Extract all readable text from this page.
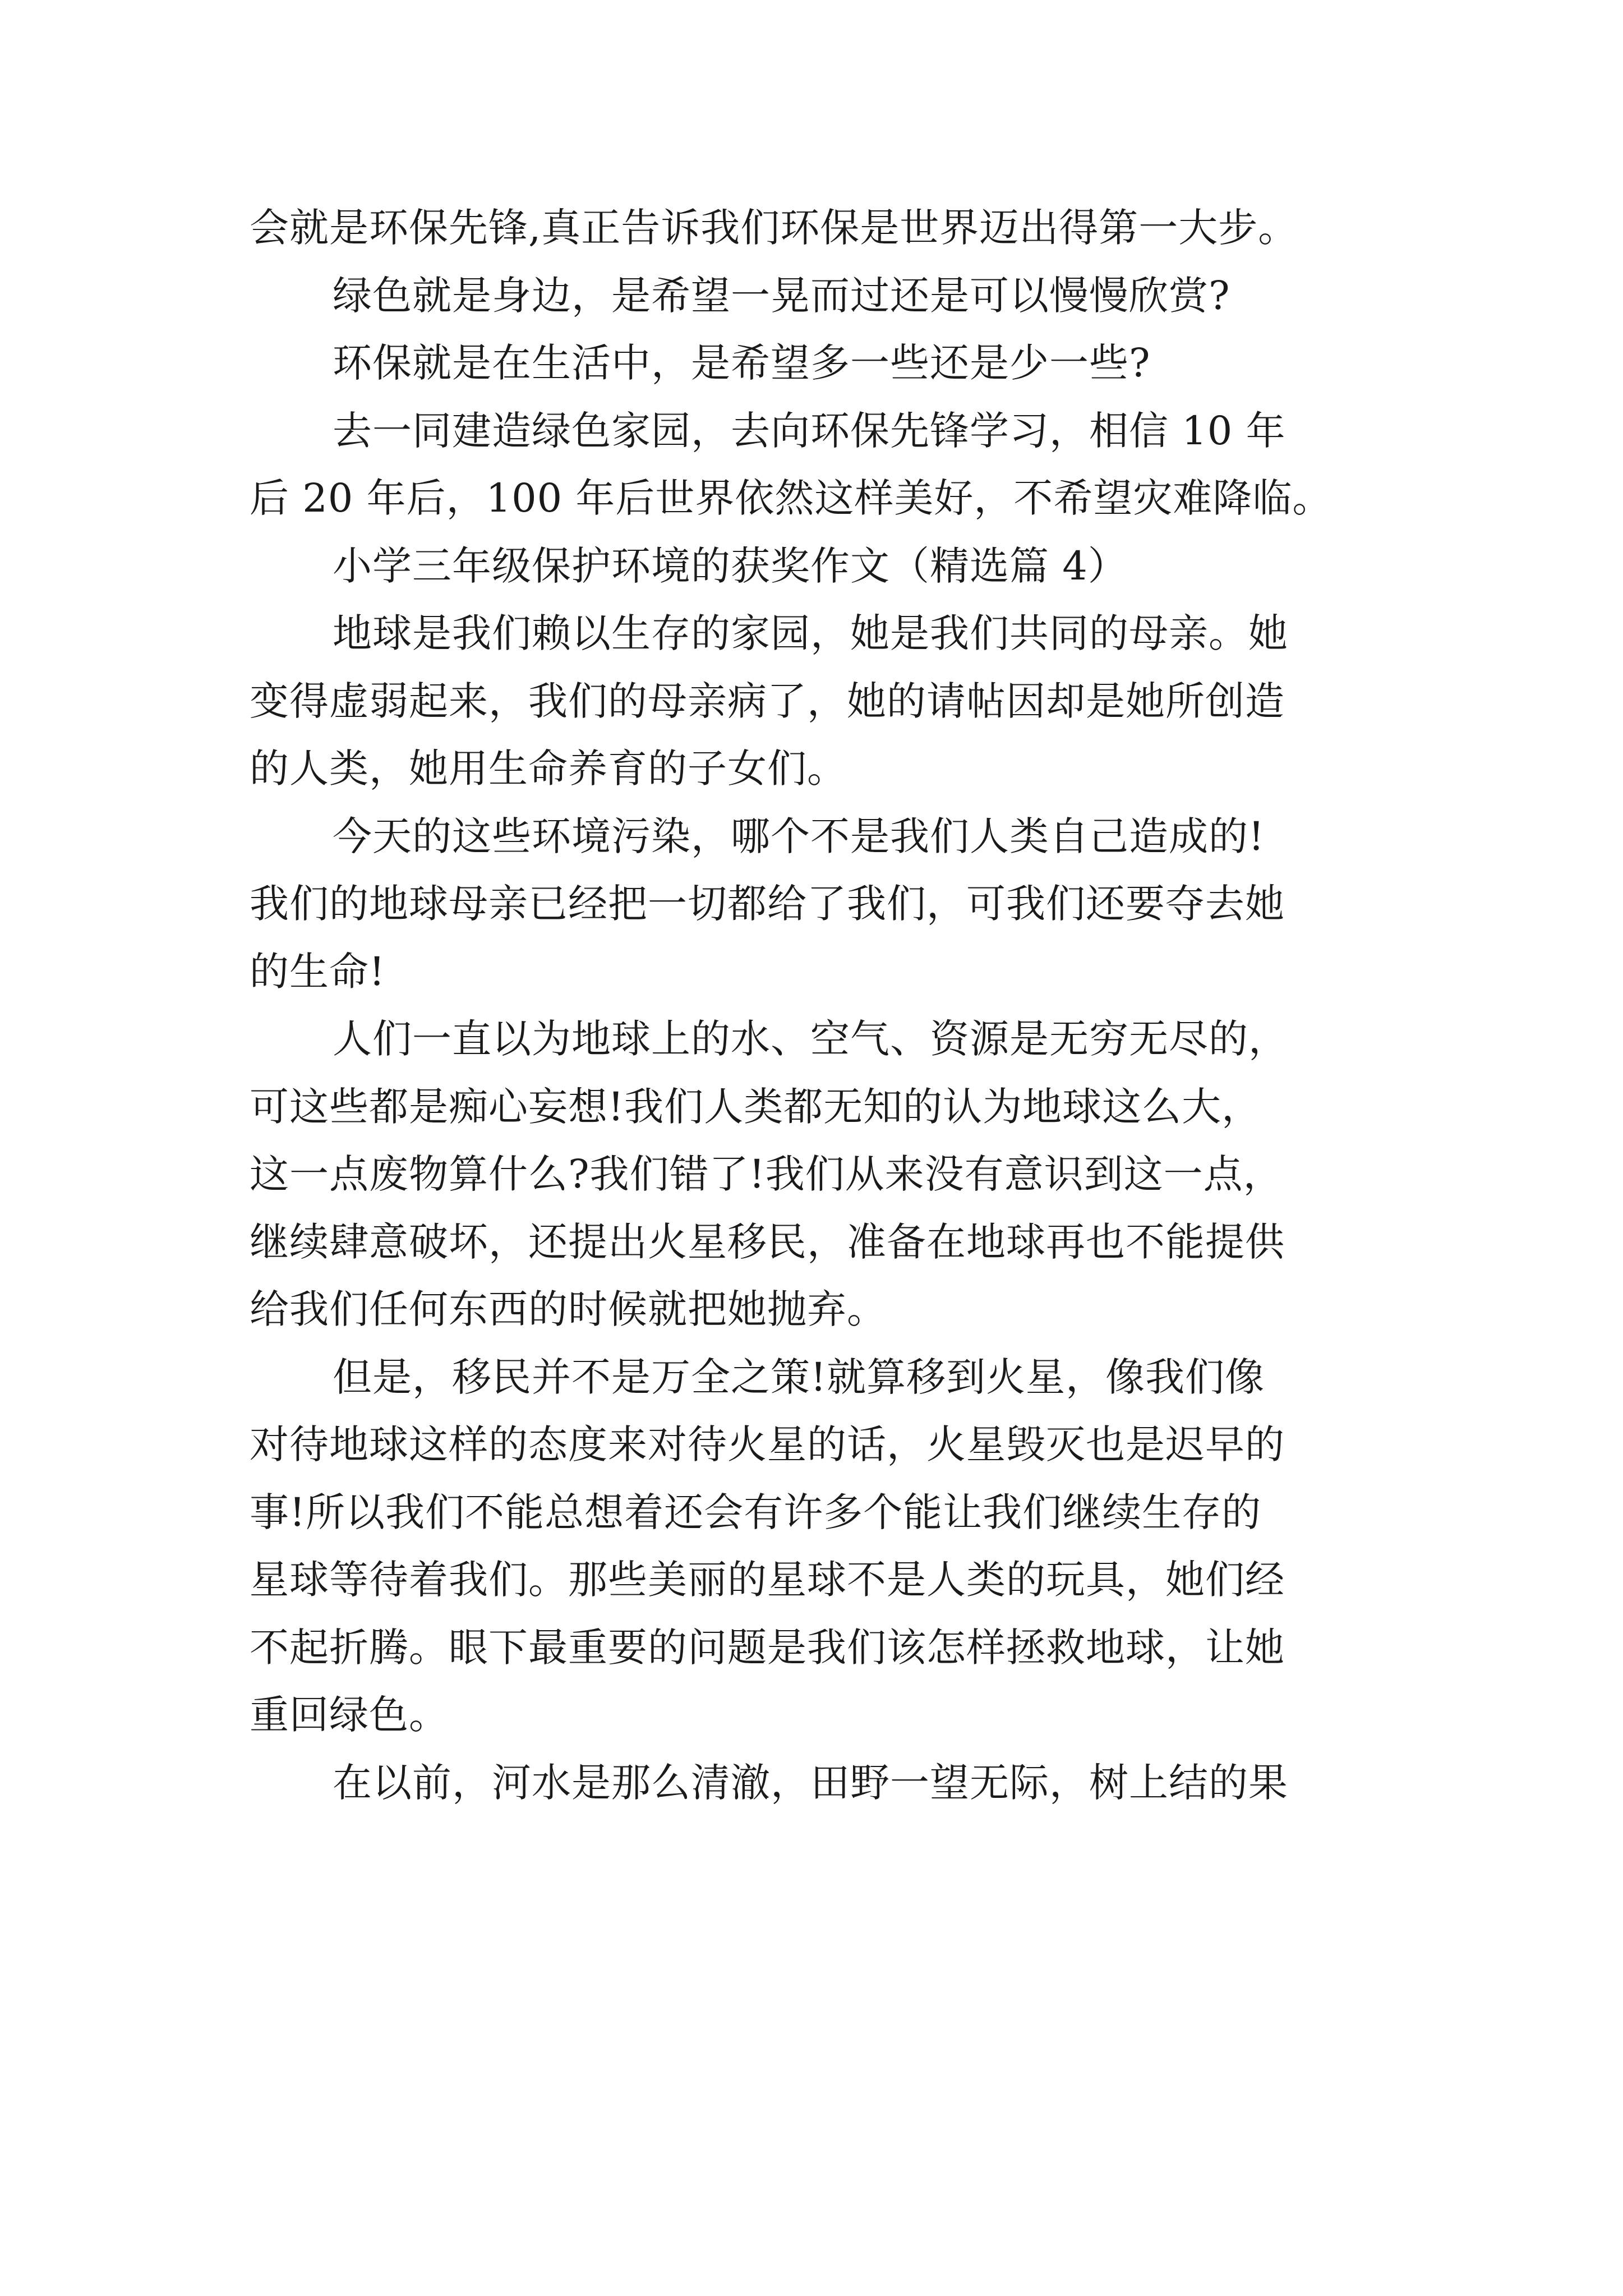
会就是环保先锋,真正告诉我们环保是世界迈出得第一大步。
绿色就是身边，是希望一晃而过还是可以慢慢欣赏?
环保就是在生活中，是希望多一些还是少一些?
去一同建造绿色家园，去向环保先锋学习，相信 10 年
后 20 年后，100 年后世界依然这样美好，不希望灾难降临。
小学三年级保护环境的获奖作文（精选篇 4）
地球是我们赖以生存的家园，她是我们共同的母亲。她
变得虚弱起来，我们的母亲病了，她的请帖因却是她所创造
的人类，她用生命养育的子女们。
今天的这些环境污染，哪个不是我们人类自己造成的!
我们的地球母亲已经把一切都给了我们，可我们还要夺去她
的生命!
人们一直以为地球上的水、空气、资源是无穷无尽的，
可这些都是痴心妄想!我们人类都无知的认为地球这么大，
这一点废物算什么?我们错了!我们从来没有意识到这一点，
继续肆意破坏，还提出火星移民，准备在地球再也不能提供
给我们任何东西的时候就把她抛弃。
但是，移民并不是万全之策!就算移到火星，像我们像
对待地球这样的态度来对待火星的话，火星毁灭也是迟早的
事!所以我们不能总想着还会有许多个能让我们继续生存的
星球等待着我们。那些美丽的星球不是人类的玩具，她们经
不起折腾。眼下最重要的问题是我们该怎样拯救地球，让她
重回绿色。
在以前，河水是那么清澈，田野一望无际，树上结的果
